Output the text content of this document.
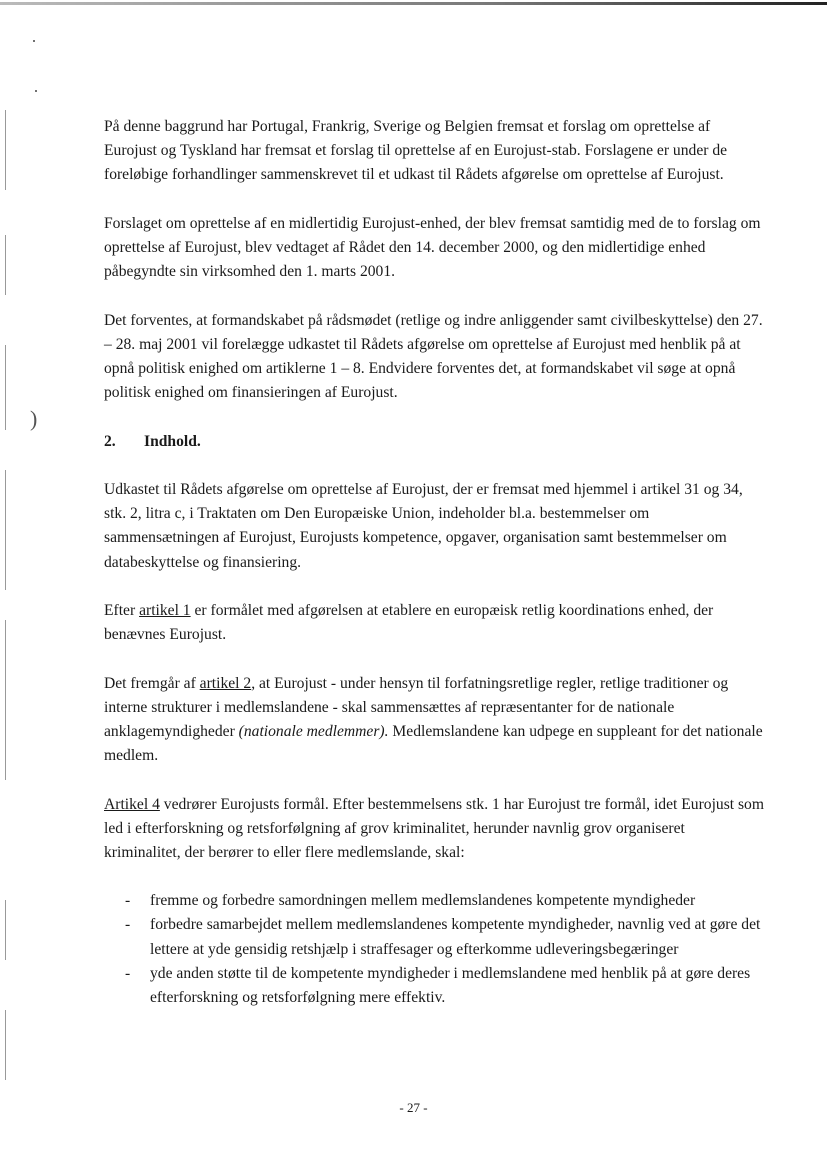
)

På denne baggrund har Portugal, Frankrig, Sverige og Belgien fremsat et forslag om oprettelse af Eurojust og Tyskland har fremsat et forslag til oprettelse af en Eurojust-stab. Forslagene er under de foreløbige forhandlinger sammenskrevet til et udkast til Rådets afgørelse om oprettelse af Eurojust.

Forslaget om oprettelse af en midlertidig Eurojust-enhed, der blev fremsat samtidig med de to forslag om oprettelse af Eurojust, blev vedtaget af Rådet den 14. december 2000, og den midlertidige enhed påbegyndte sin virksomhed den 1. marts 2001.

Det forventes, at formandskabet på rådsmødet (retlige og indre anliggender samt civilbeskyttelse) den 27. – 28. maj 2001 vil forelægge udkastet til Rådets afgørelse om oprettelse af Eurojust med henblik på at opnå politisk enighed om artiklerne 1 – 8. Endvidere forventes det, at formandskabet vil søge at opnå politisk enighed om finansieringen af Eurojust.

2. Indhold.

Udkastet til Rådets afgørelse om oprettelse af Eurojust, der er fremsat med hjemmel i artikel 31 og 34, stk. 2, litra c, i Traktaten om Den Europæiske Union, indeholder bl.a. bestemmelser om sammensætningen af Eurojust, Eurojusts kompetence, opgaver, organisation samt bestemmelser om databeskyttelse og finansiering.

Efter artikel 1 er formålet med afgørelsen at etablere en europæisk retlig koordinations enhed, der benævnes Eurojust.

Det fremgår af artikel 2, at Eurojust - under hensyn til forfatningsretlige regler, retlige traditioner og interne strukturer i medlemslandene - skal sammensættes af repræsentanter for de nationale anklagemyndigheder (nationale medlemmer). Medlemslandene kan udpege en suppleant for det nationale medlem.

Artikel 4 vedrører Eurojusts formål. Efter bestemmelsens stk. 1 har Eurojust tre formål, idet Eurojust som led i efterforskning og retsforfølgning af grov kriminalitet, herunder navnlig grov organiseret kriminalitet, der berører to eller flere medlemslande, skal:

- fremme og forbedre samordningen mellem medlemslandenes kompetente myndigheder
- forbedre samarbejdet mellem medlemslandenes kompetente myndigheder, navnlig ved at gøre det lettere at yde gensidig retshjælp i straffesager og efterkomme udleveringsbegæringer
- yde anden støtte til de kompetente myndigheder i medlemslandene med henblik på at gøre deres efterforskning og retsforfølgning mere effektiv.
- 27 -
